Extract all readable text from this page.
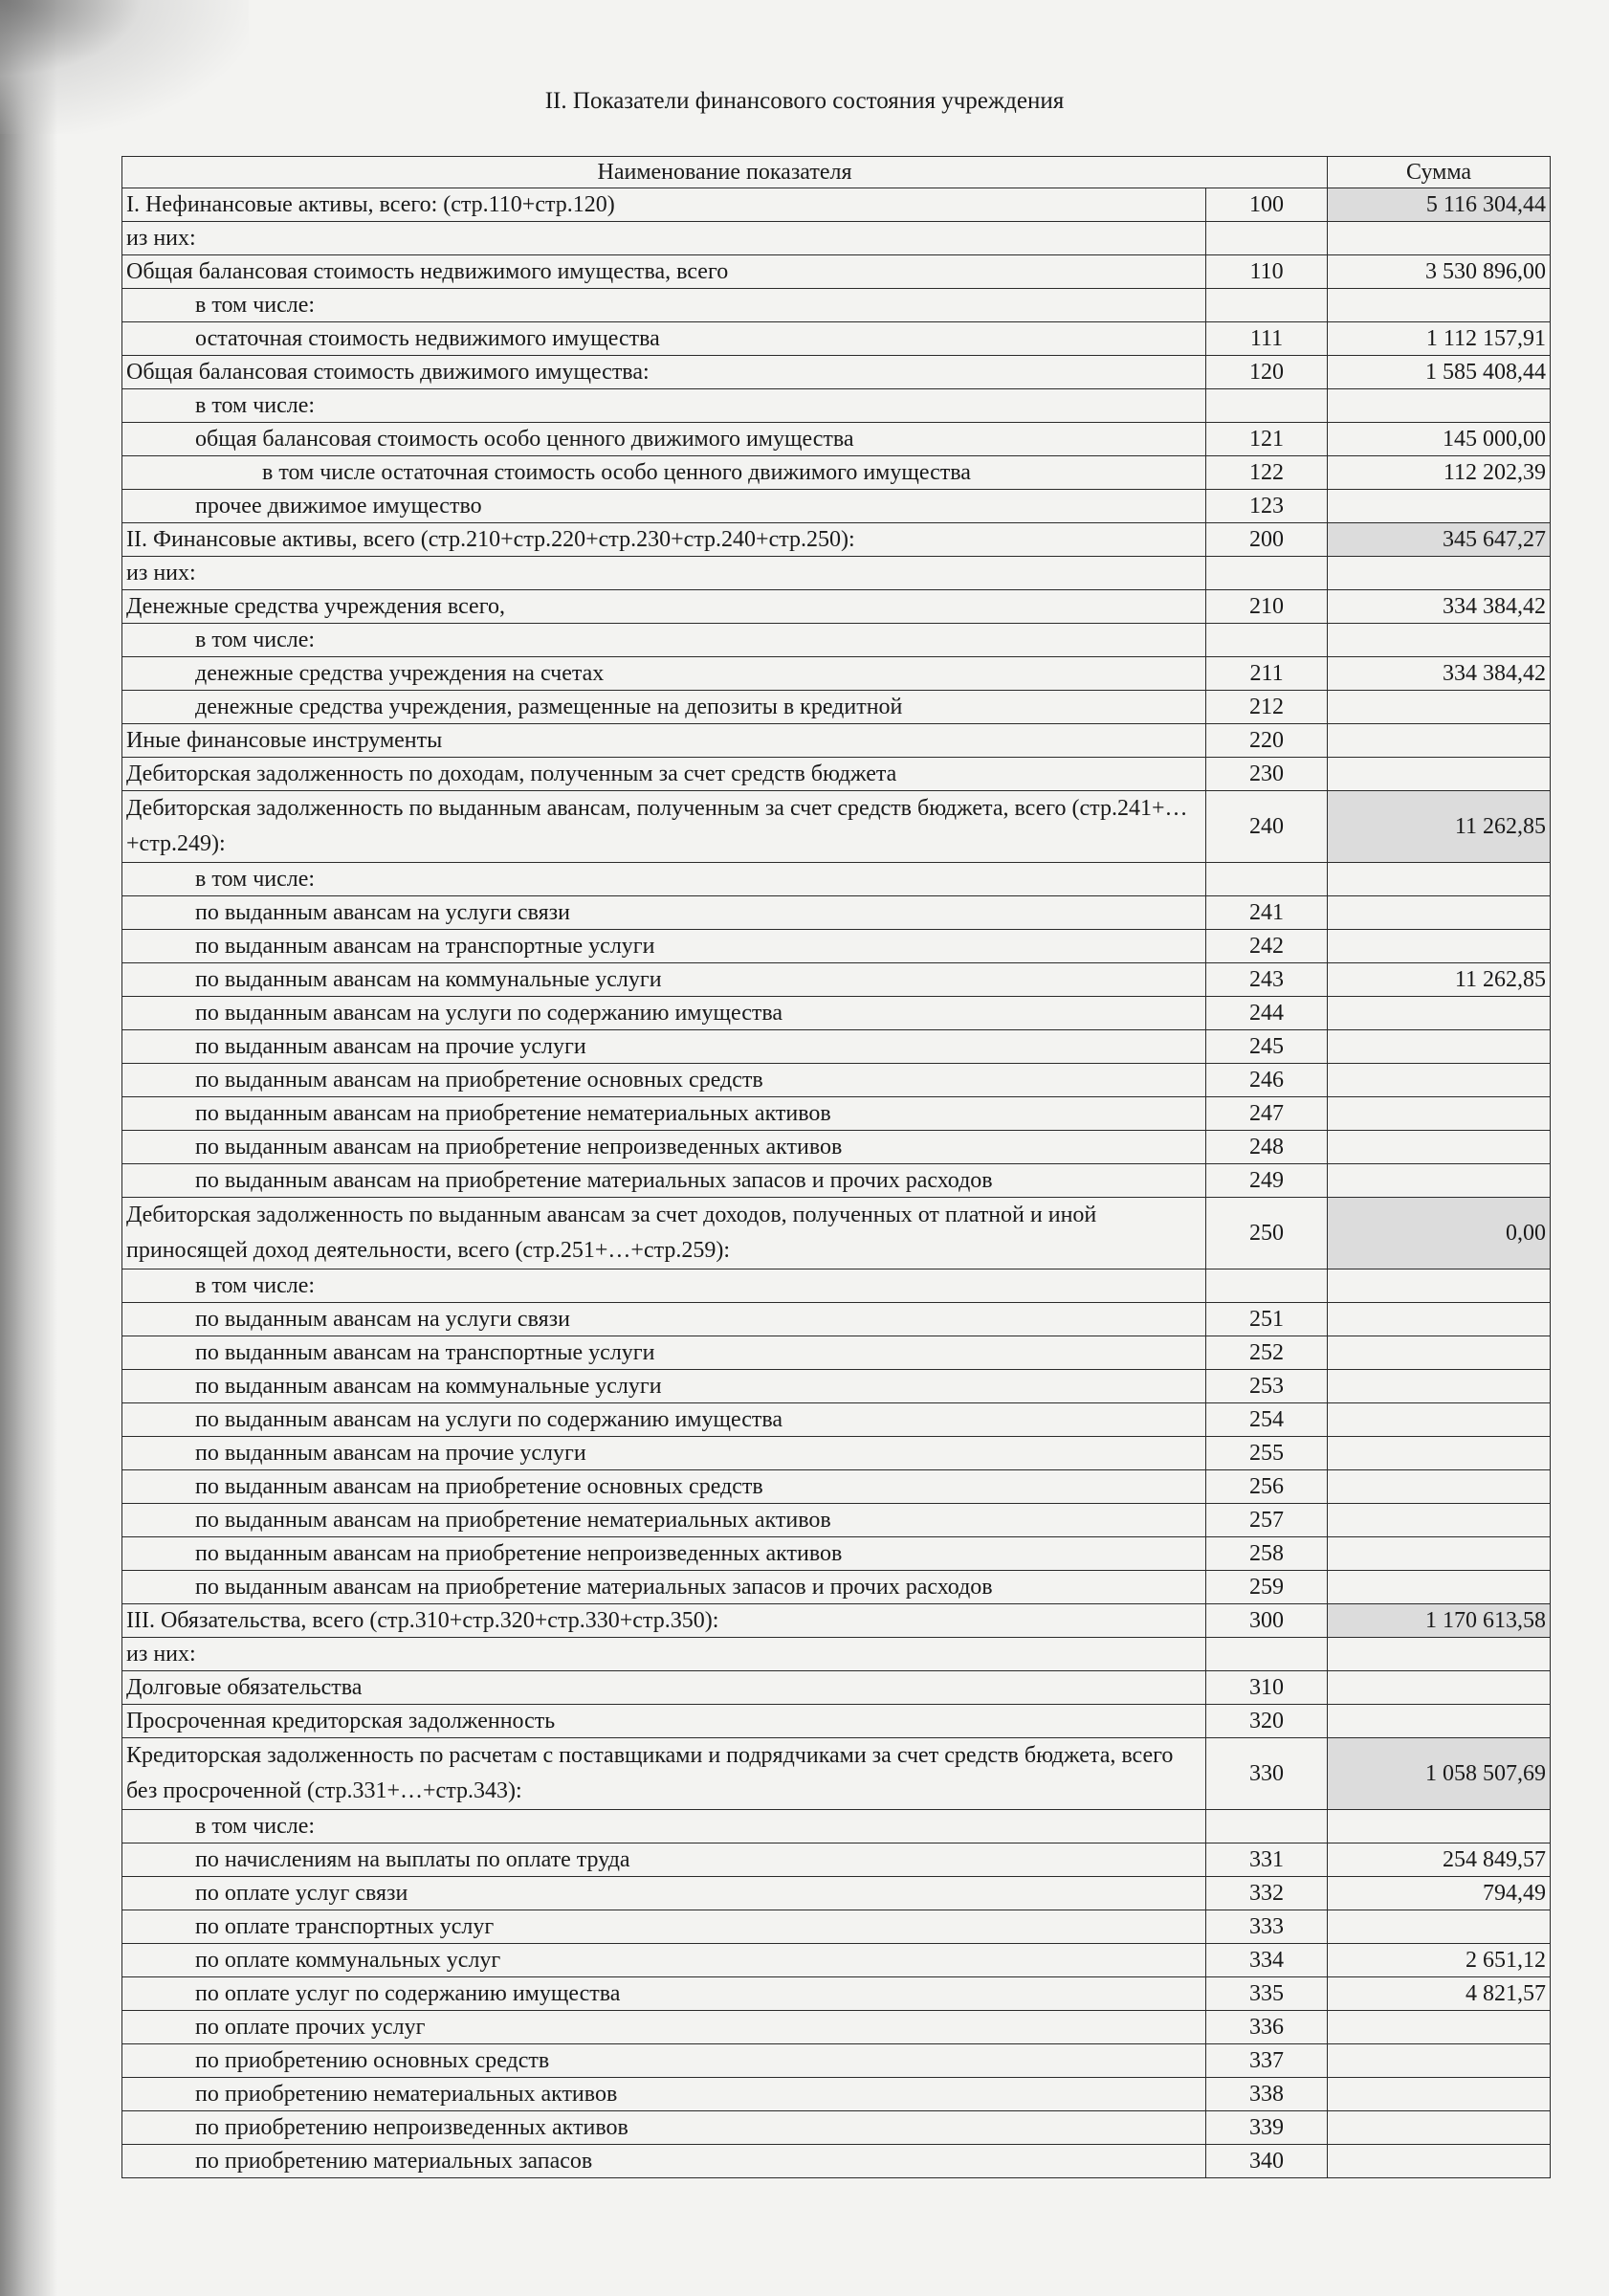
II. Показатели финансового состояния учреждения
Наименование показателя		Сумма
I. Нефинансовые активы, всего: (стр.110+стр.120)	100	5 116 304,44
из них:		
Общая балансовая стоимость недвижимого имущества, всего	110	3 530 896,00
в том числе:		
остаточная стоимость недвижимого имущества	111	1 112 157,91
Общая балансовая стоимость движимого имущества:	120	1 585 408,44
в том числе:		
общая балансовая стоимость особо ценного движимого имущества	121	145 000,00
в том числе остаточная стоимость особо ценного движимого имущества	122	112 202,39
прочее движимое имущество	123	
II. Финансовые активы, всего (стр.210+стр.220+стр.230+стр.240+стр.250):	200	345 647,27
из них:		
Денежные средства учреждения всего,	210	334 384,42
в том числе:		
денежные средства учреждения на счетах	211	334 384,42
денежные средства учреждения, размещенные на депозиты в кредитной	212	
Иные финансовые инструменты	220	
Дебиторская задолженность по доходам, полученным за счет средств бюджета	230	
Дебиторская задолженность по выданным авансам, полученным за счет средств бюджета, всего (стр.241+…+стр.249):	240	11 262,85
в том числе:		
по выданным авансам на услуги связи	241	
по выданным авансам на транспортные услуги	242	
по выданным авансам на коммунальные услуги	243	11 262,85
по выданным авансам на услуги по содержанию имущества	244	
по выданным авансам на прочие услуги	245	
по выданным авансам на приобретение основных средств	246	
по выданным авансам на приобретение нематериальных активов	247	
по выданным авансам на приобретение непроизведенных активов	248	
по выданным авансам на приобретение материальных запасов и прочих расходов	249	
Дебиторская задолженность по выданным авансам за счет доходов, полученных от платной и иной приносящей доход деятельности, всего (стр.251+…+стр.259):	250	0,00
в том числе:		
по выданным авансам на услуги связи	251	
по выданным авансам на транспортные услуги	252	
по выданным авансам на коммунальные услуги	253	
по выданным авансам на услуги по содержанию имущества	254	
по выданным авансам на прочие услуги	255	
по выданным авансам на приобретение основных средств	256	
по выданным авансам на приобретение нематериальных активов	257	
по выданным авансам на приобретение непроизведенных активов	258	
по выданным авансам на приобретение материальных запасов и прочих расходов	259	
III. Обязательства, всего (стр.310+стр.320+стр.330+стр.350):	300	1 170 613,58
из них:		
Долговые обязательства	310	
Просроченная кредиторская задолженность	320	
Кредиторская задолженность по расчетам с поставщиками и подрядчиками за счет средств бюджета, всего без просроченной (стр.331+…+стр.343):	330	1 058 507,69
в том числе:		
по начислениям на выплаты по оплате труда	331	254 849,57
по оплате услуг связи	332	794,49
по оплате транспортных услуг	333	
по оплате коммунальных услуг	334	2 651,12
по оплате услуг по содержанию имущества	335	4 821,57
по оплате прочих услуг	336	
по приобретению основных средств	337	
по приобретению нематериальных активов	338	
по приобретению непроизведенных активов	339	
по приобретению материальных запасов	340	
